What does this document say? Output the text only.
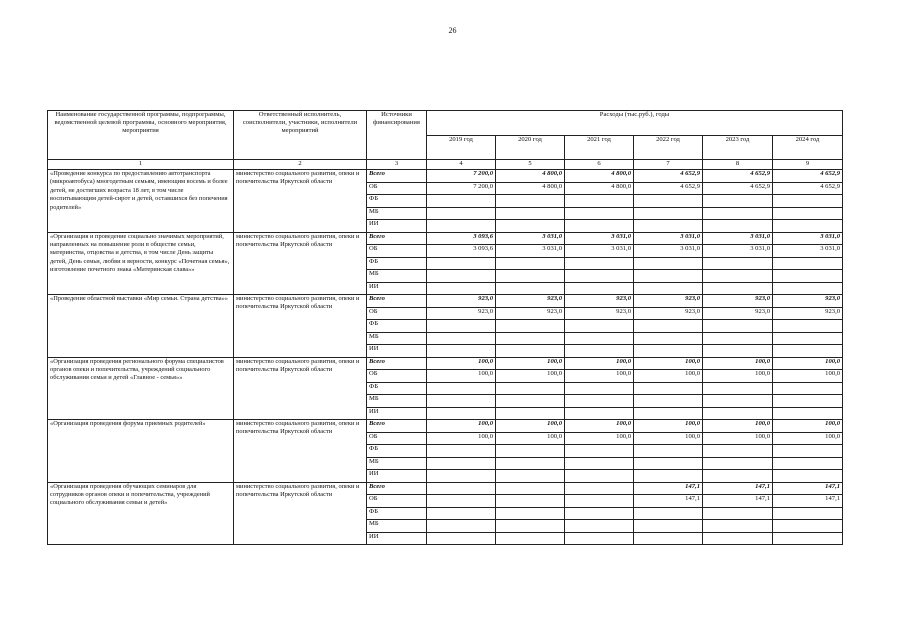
26
Наименование государственной программы, подпрограммы, ведомственной целевой программы, основного мероприятия, мероприятия	Ответственный исполнитель, соисполнители, участники, исполнители мероприятий	Источники финансирования	Расходы (тыс.руб.), годы					
			2019 год	2020 год	2021 год	2022 год	2023 год	2024 год
1	2	3	4	5	6	7	8	9
«Проведение конкурса по предоставлению автотранспорта (микроавтобуса) многодетным семьям, имеющим восемь и более детей, не достигших возраста 18 лет, в том числе воспитывающим детей-сирот и детей, оставшихся без попечения родителей»	министерство социального развития, опеки и попечительства Иркутской области	Всего	7 200,0	4 800,0	4 800,0	4 652,9	4 652,9	4 652,9
		ОБ	7 200,0	4 800,0	4 800,0	4 652,9	4 652,9	4 652,9
		ФБ						
		МБ						
		ИИ						
«Организация и проведение социально значимых мероприятий, направленных на повышение роли в обществе семьи, материнства, отцовства и детства, в том числе День защиты детей, День семьи, любви и верности, конкурс «Почетная семья», изготовление почетного знака «Материнская слава»»	министерство социального развития, опеки и попечительства Иркутской области	Всего	3 093,6	3 031,0	3 031,0	3 031,0	3 031,0	3 031,0
		ОБ	3 093,6	3 031,0	3 031,0	3 031,0	3 031,0	3 031,0
		ФБ						
		МБ						
		ИИ						
«Проведение областной выставки «Мир семьи. Страна детства»»	министерство социального развития, опеки и попечительства Иркутской области	Всего	923,0	923,0	923,0	923,0	923,0	923,0
		ОБ	923,0	923,0	923,0	923,0	923,0	923,0
		ФБ						
		МБ						
		ИИ						
«Организация проведения регионального форума специалистов органов опеки и попечительства, учреждений социального обслуживания семьи и детей «Главное - семья»»	министерство социального развития, опеки и попечительства Иркутской области	Всего	100,0	100,0	100,0	100,0	100,0	100,0
		ОБ	100,0	100,0	100,0	100,0	100,0	100,0
		ФБ						
		МБ						
		ИИ						
«Организация проведения форума приемных родителей»	министерство социального развития, опеки и попечительства Иркутской области	Всего	100,0	100,0	100,0	100,0	100,0	100,0
		ОБ	100,0	100,0	100,0	100,0	100,0	100,0
		ФБ						
		МБ						
		ИИ						
«Организация проведения обучающих семинаров для сотрудников органов опеки и попечительства, учреждений социального обслуживания семьи и детей»	министерство социального развития, опеки и попечительства Иркутской области	Всего				147,1	147,1	147,1
		ОБ				147,1	147,1	147,1
		ФБ						
		МБ						
		ИИ						
